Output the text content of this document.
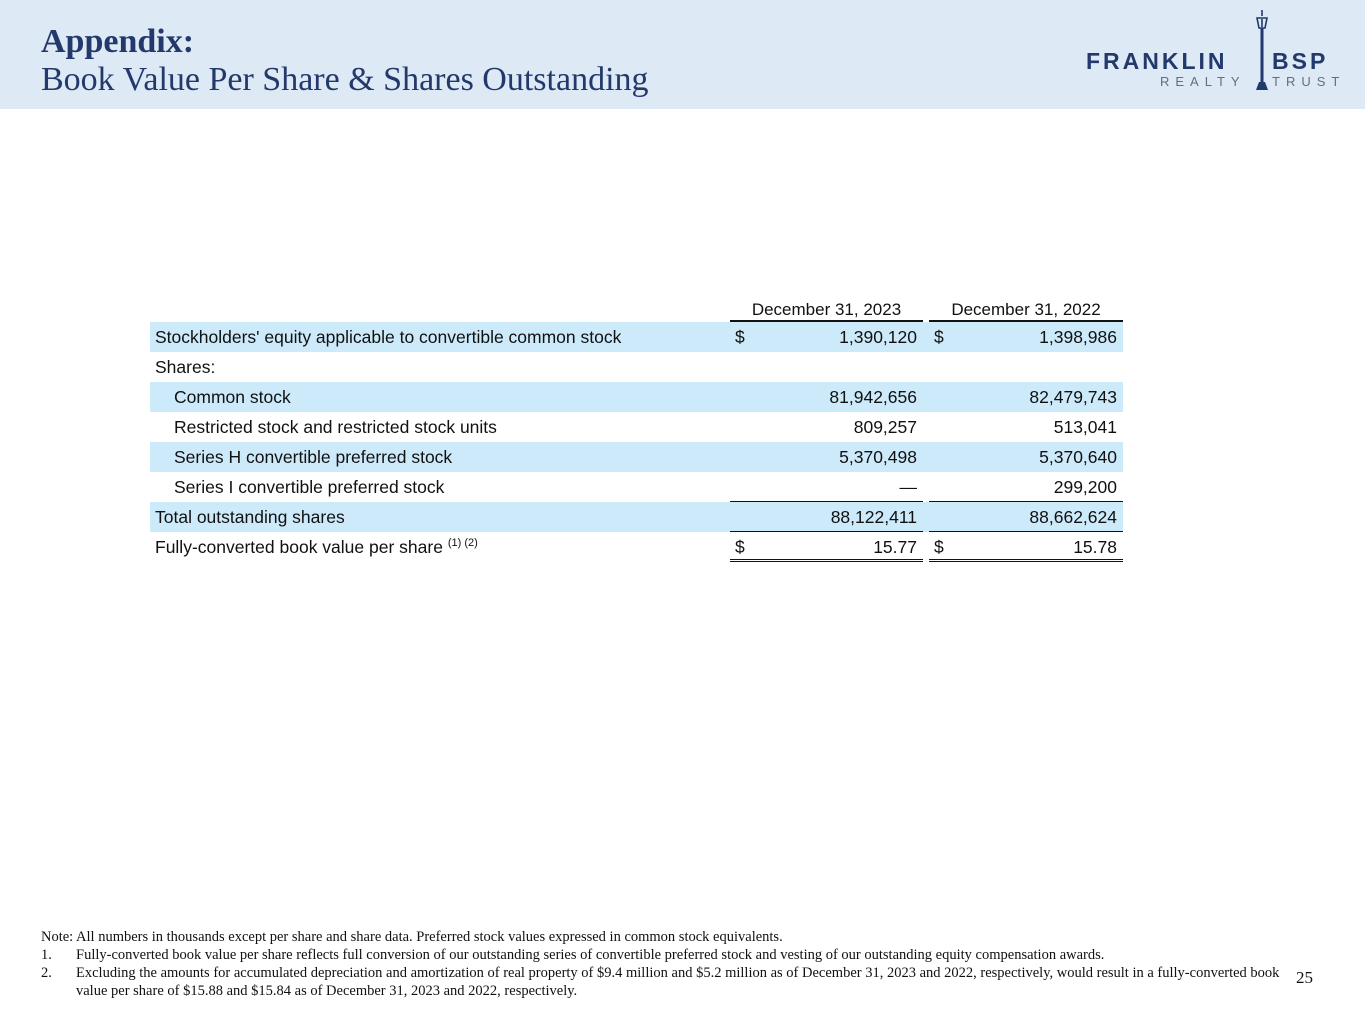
Appendix:
Book Value Per Share & Shares Outstanding	FRANKLIN BSP
REALTY TRUST
December 31, 2023	December 31, 2022
Stockholders' equity applicable to convertible common stock	$	1,390,120 $	1,398,986
Shares:
Common stock	81,942,656	82,479,743
Restricted stock and restricted stock units	809,257	513,041
Series H convertible preferred stock	5,370,498	5,370,640
Series I convertible preferred stock	—	299,200
Total outstanding shares	88,122,411	88,662,624
Fully-converted book value per share $^{(1) (2)}$	$	15.77 $	15.78
Note: All numbers in thousands except per share and share data. Preferred stock values expressed in common stock equivalents.
1. Fully-converted book value per share reflects full conversion of our outstanding series of convertible preferred stock and vesting of our outstanding equity compensation awards.
2. Excluding the amounts for accumulated depreciation and amortization of real property of $9.4 million and $5.2 million as of December 31, 2023 and 2022, respectively, would result in a fully-converted book value per share of $15.88 and $15.84 as of December 31, 2023 and 2022, respectively.
25
